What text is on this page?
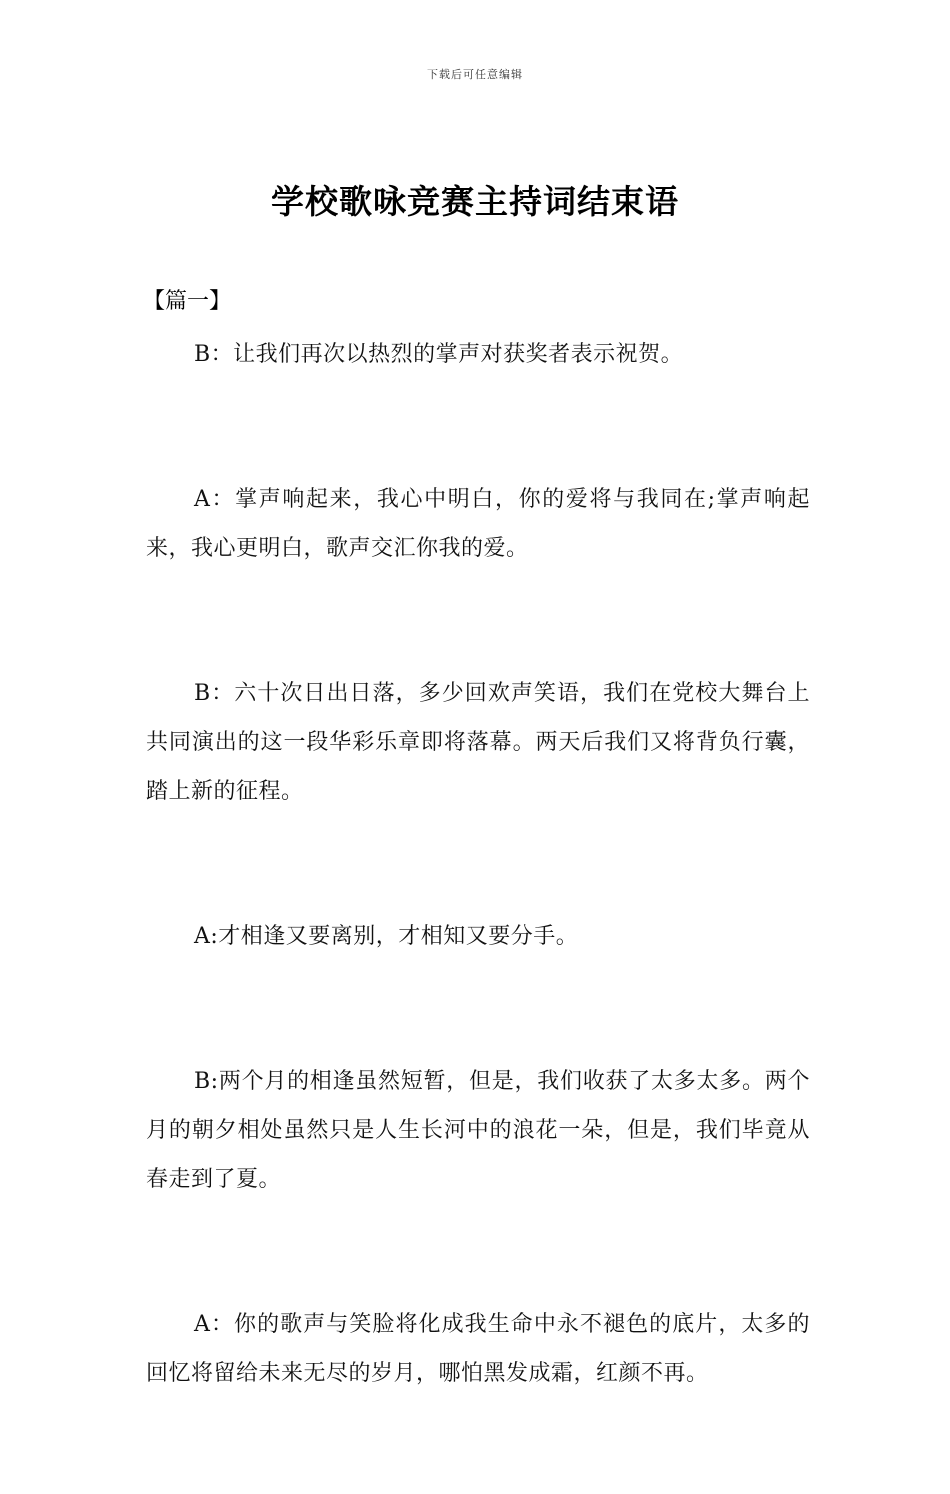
下载后可任意编辑
学校歌咏竞赛主持词结束语
【篇一】

B：让我们再次以热烈的掌声对获奖者表示祝贺。

A：掌声响起来，我心中明白，你的爱将与我同在;掌声响起来，我心更明白，歌声交汇你我的爱。

B：六十次日出日落，多少回欢声笑语，我们在党校大舞台上共同演出的这一段华彩乐章即将落幕。两天后我们又将背负行囊，踏上新的征程。

A:才相逢又要离别，才相知又要分手。

B:两个月的相逢虽然短暂，但是，我们收获了太多太多。两个月的朝夕相处虽然只是人生长河中的浪花一朵，但是，我们毕竟从春走到了夏。

A：你的歌声与笑脸将化成我生命中永不褪色的底片，太多的回忆将留给未来无尽的岁月，哪怕黑发成霜，红颜不再。
